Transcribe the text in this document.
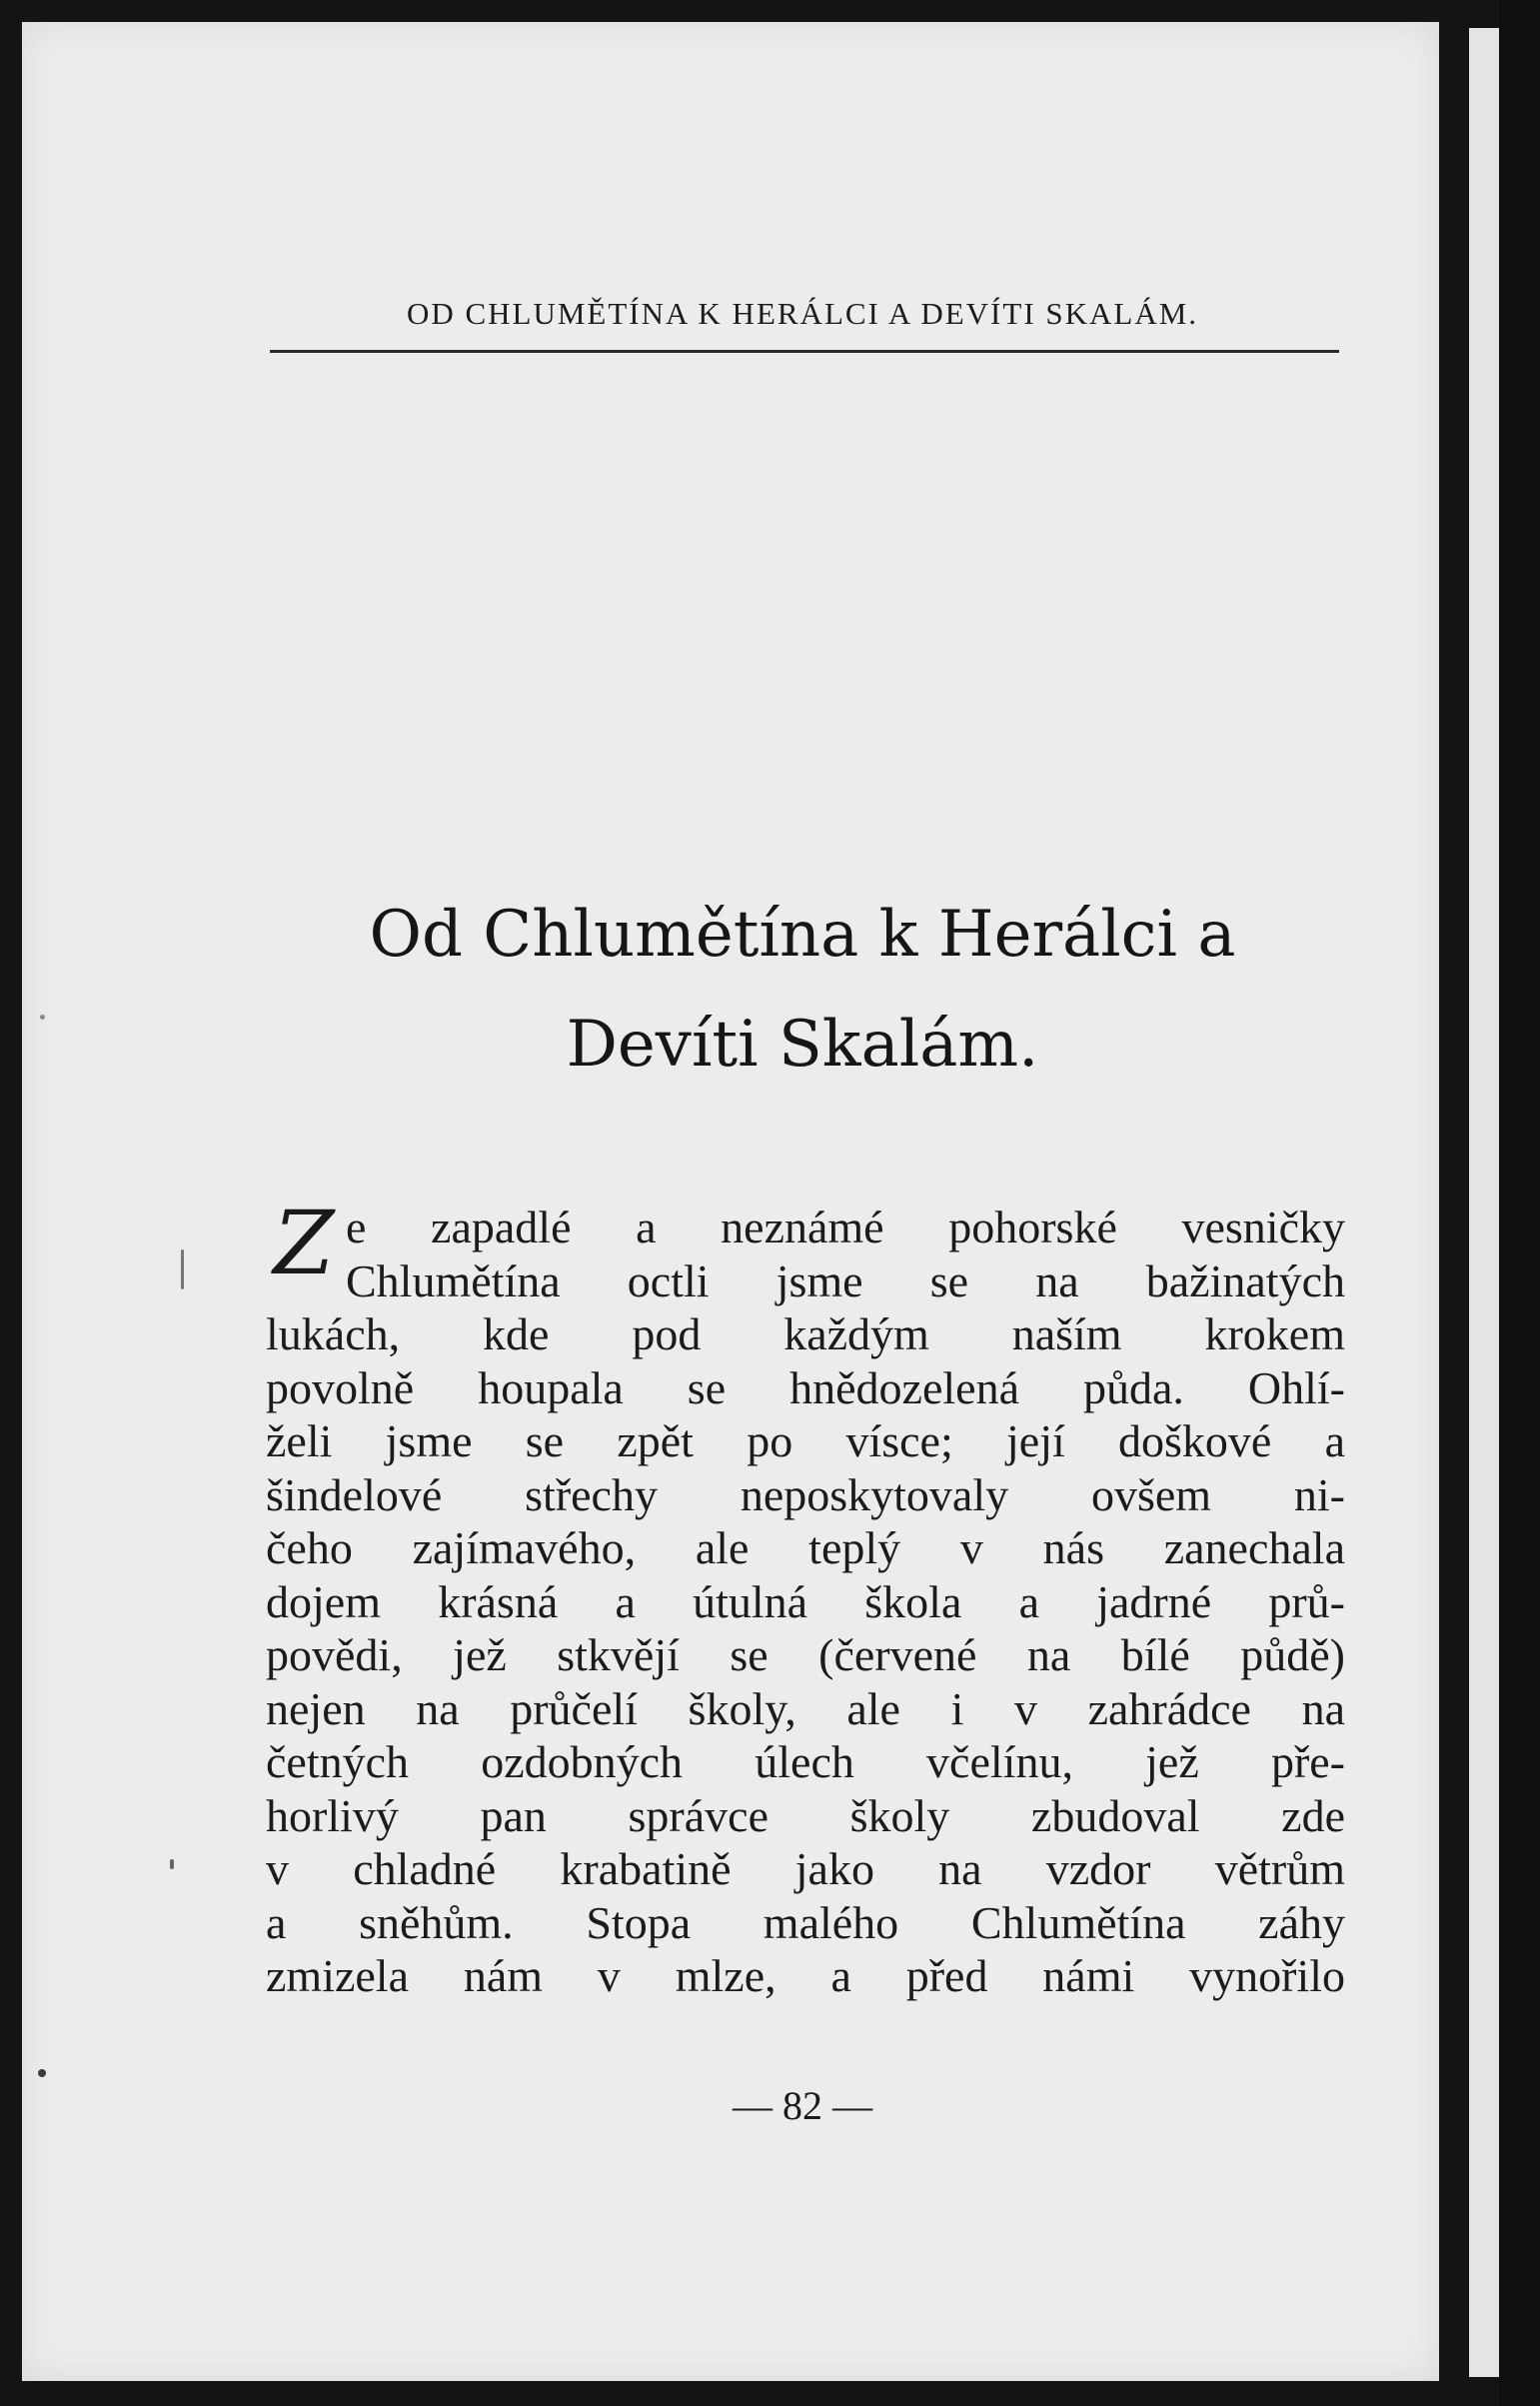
OD CHLUMĚTÍNA K HERÁLCI A DEVÍTI SKALÁM.
Od Chlumětína k Herálci a
Devíti Skalám.
Z e zapadlé a neznámé pohorské vesničky
Chlumětína octli jsme se na bažinatých
lukách, kde pod každým naším krokem
povolně houpala se hnědozelená půda. Ohlí-
želi jsme se zpět po vísce; její doškové a
šindelové střechy neposkytovaly ovšem ni-
čeho zajímavého, ale teplý v nás zanechala
dojem krásná a útulná škola a jadrné prů-
povědi, jež stkvějí se (červené na bílé půdě)
nejen na průčelí školy, ale i v zahrádce na
četných ozdobných úlech včelínu, jež pře-
horlivý pan správce školy zbudoval zde
v chladné krabatině jako na vzdor větrům
a sněhům. Stopa malého Chlumětína záhy
zmizela nám v mlze, a před námi vynořilo
— 82 —
